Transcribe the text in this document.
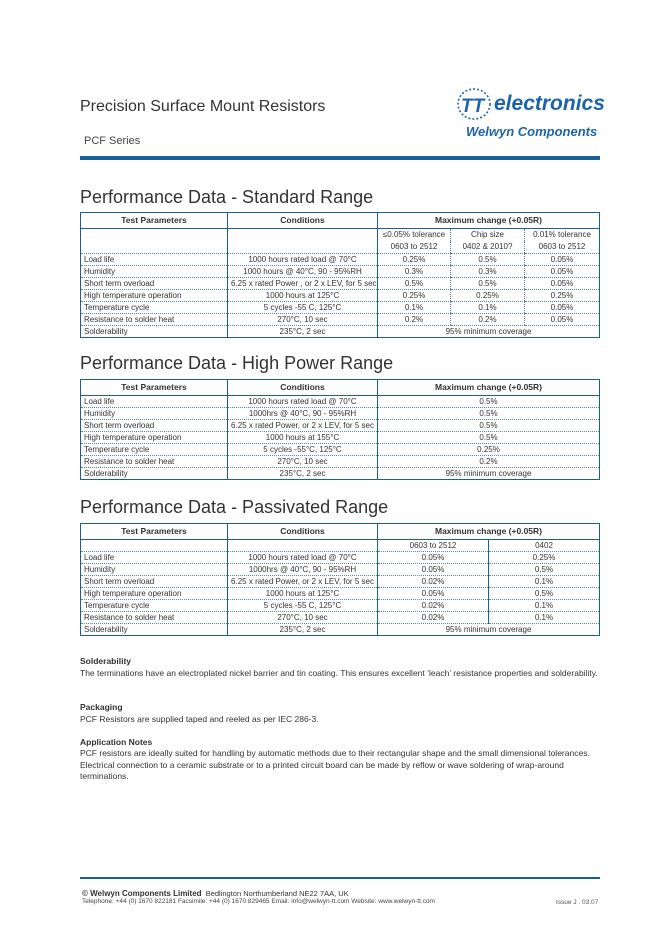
Precision Surface Mount Resistors
PCF Series
TT electronics
Welwyn Components
Performance Data - Standard Range
Test Parameters	Conditions	Maximum change (+0.05R)		
		≤0.05% tolerance	Chip size	0.01% tolerance
		0603 to 2512	0402 & 2010?	0603 to 2512
Load life	1000 hours rated load @ 70°C	0.25%	0.5%	0.05%
Humidity	1000 hours @ 40°C, 90 - 95%RH	0.3%	0.3%	0.05%
Short term overload	6.25 x rated Power , or 2 x LEV, for 5 sec	0.5%	0.5%	0.05%
High temperature operation	1000 hours at 125°C	0.25%	0.25%	0.25%
Temperature cycle	5 cycles -55 C, 125°C	0.1%	0.1%	0.05%
Resistance to solder heat	270°C, 10 sec	0.2%	0.2%	0.05%
Solderability	235°C, 2 sec	95% minimum coverage		
Performance Data - High Power Range
Test Parameters	Conditions	Maximum change (+0.05R)
Load life	1000 hours rated load @ 70°C	0.5%
Humidity	1000hrs @ 40°C, 90 - 95%RH	0.5%
Short term overload	6.25 x rated Power, or 2 x LEV, for 5 sec	0.5%
High temperature operation	1000 hours at 155°C	0.5%
Temperature cycle	5 cycles -55°C, 125°C	0.25%
Resistance to solder heat	270°C, 10 sec	0.2%
Solderability	235°C, 2 sec	95% minimum coverage
Performance Data - Passivated Range
Test Parameters	Conditions	Maximum change (+0.05R)	
		0603 to 2512	0402
Load life	1000 hours rated load @ 70°C	0.05%	0.25%
Humidity	1000hrs @ 40°C, 90 - 95%RH	0.05%	0.5%
Short term overload	6.25 x rated Power, or 2 x LEV, for 5 sec	0.02%	0.1%
High temperature operation	1000 hours at 125°C	0.05%	0.5%
Temperature cycle	5 cycles -55 C, 125°C	0.02%	0.1%
Resistance to solder heat	270°C, 10 sec	0.02%	0.1%
Solderability	235°C, 2 sec	95% minimum coverage	
Solderability
The terminations have an electroplated nickel barrier and tin coating. This ensures excellent ‘leach’ resistance properties and solderability.
Packaging
PCF Resistors are supplied taped and reeled as per IEC 286-3.
Application Notes
PCF resistors are ideally suited for handling by automatic methods due to their rectangular shape and the small dimensional tolerances. Electrical connection to a ceramic substrate or to a printed circuit board can be made by reflow or wave soldering of wrap-around terminations.
© Welwyn Components Limited Bedlington Northumberland NE22 7AA, UK
Telephone: +44 (0) 1670 822181 Facsimile: +44 (0) 1670 829465 Email: info@welwyn-tt.com Website: www.welwyn-tt.com	Issue J . 03.07
